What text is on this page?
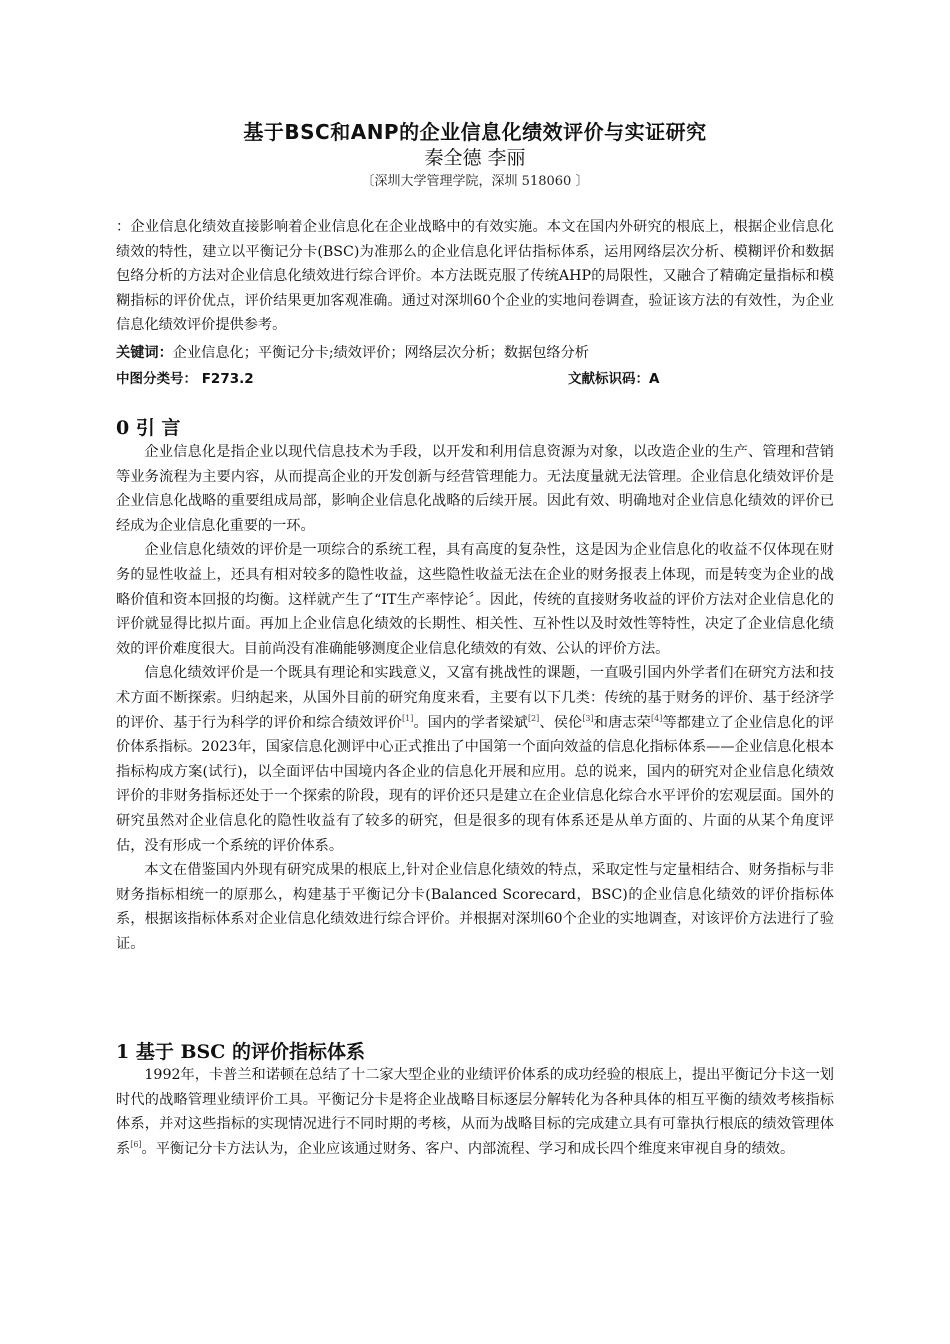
基于BSC和ANP的企业信息化绩效评价与实证研究
秦全德 李丽
〔深圳大学管理学院，深圳 518060 〕
：企业信息化绩效直接影响着企业信息化在企业战略中的有效实施。本文在国内外研究的根底上，根据企业信息化绩效的特性，建立以平衡记分卡(BSC)为准那么的企业信息化评估指标体系，运用网络层次分析、模糊评价和数据包络分析的方法对企业信息化绩效进行综合评价。本方法既克服了传统AHP的局限性，又融合了精确定量指标和模糊指标的评价优点，评价结果更加客观准确。通过对深圳60个企业的实地问卷调查，验证该方法的有效性，为企业信息化绩效评价提供参考。
关键词：企业信息化；平衡记分卡;绩效评价；网络层次分析；数据包络分析
中图分类号： F273.2	文献标识码：A
0 引 言

企业信息化是指企业以现代信息技术为手段，以开发和利用信息资源为对象，以改造企业的生产、管理和营销等业务流程为主要内容，从而提高企业的开发创新与经营管理能力。无法度量就无法管理。企业信息化绩效评价是企业信息化战略的重要组成局部，影响企业信息化战略的后续开展。因此有效、明确地对企业信息化绩效的评价已经成为企业信息化重要的一环。

企业信息化绩效的评价是一项综合的系统工程，具有高度的复杂性，这是因为企业信息化的收益不仅体现在财务的显性收益上，还具有相对较多的隐性收益，这些隐性收益无法在企业的财务报表上体现，而是转变为企业的战略价值和资本回报的均衡。这样就产生了“IT生产率悖论〞。因此，传统的直接财务收益的评价方法对企业信息化的评价就显得比拟片面。再加上企业信息化绩效的长期性、相关性、互补性以及时效性等特性，决定了企业信息化绩效的评价难度很大。目前尚没有准确能够测度企业信息化绩效的有效、公认的评价方法。

信息化绩效评价是一个既具有理论和实践意义，又富有挑战性的课题，一直吸引国内外学者们在研究方法和技术方面不断探索。归纳起来，从国外目前的研究角度来看，主要有以下几类：传统的基于财务的评价、基于经济学的评价、基于行为科学的评价和综合绩效评价[1]。国内的学者梁斌[2]、侯伦[3]和唐志荣[4]等都建立了企业信息化的评价体系指标。2023年，国家信息化测评中心正式推出了中国第一个面向效益的信息化指标体系——企业信息化根本指标构成方案(试行)，以全面评估中国境内各企业的信息化开展和应用。总的说来，国内的研究对企业信息化绩效评价的非财务指标还处于一个探索的阶段，现有的评价还只是建立在企业信息化综合水平评价的宏观层面。国外的研究虽然对企业信息化的隐性收益有了较多的研究，但是很多的现有体系还是从单方面的、片面的从某个角度评估，没有形成一个系统的评价体系。

本文在借鉴国内外现有研究成果的根底上,针对企业信息化绩效的特点，采取定性与定量相结合、财务指标与非财务指标相统一的原那么，构建基于平衡记分卡(Balanced Scorecard，BSC)的企业信息化绩效的评价指标体系，根据该指标体系对企业信息化绩效进行综合评价。并根据对深圳60个企业的实地调查，对该评价方法进行了验证。

1 基于 BSC 的评价指标体系

1992年，卡普兰和诺顿在总结了十二家大型企业的业绩评价体系的成功经验的根底上，提出平衡记分卡这一划时代的战略管理业绩评价工具。平衡记分卡是将企业战略目标逐层分解转化为各种具体的相互平衡的绩效考核指标体系，并对这些指标的实现情况进行不同时期的考核，从而为战略目标的完成建立具有可靠执行根底的绩效管理体系[6]。平衡记分卡方法认为，企业应该通过财务、客户、内部流程、学习和成长四个维度来审视自身的绩效。
